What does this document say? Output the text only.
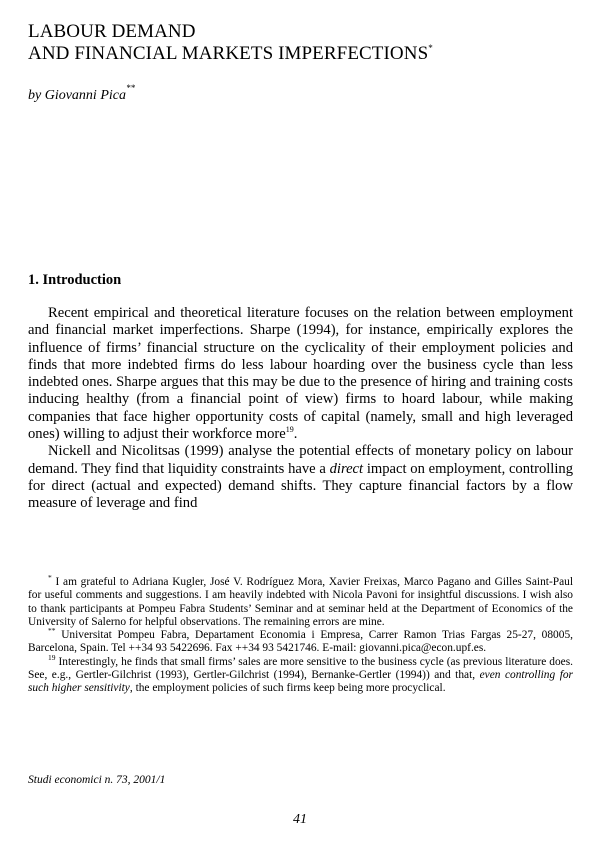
LABOUR DEMAND
AND FINANCIAL MARKETS IMPERFECTIONS*
by Giovanni Pica**
1. Introduction

Recent empirical and theoretical literature focuses on the relation between employment and financial market imperfections. Sharpe (1994), for instance, empirically explores the influence of firms’ financial structure on the cyclicality of their employment policies and finds that more indebted firms do less labour hoarding over the business cycle than less indebted ones. Sharpe argues that this may be due to the presence of hiring and training costs inducing healthy (from a financial point of view) firms to hoard labour, while making companies that face higher opportunity costs of capital (namely, small and high leveraged ones) willing to adjust their workforce more$^{19}$.

Nickell and Nicolitsas (1999) analyse the potential effects of monetary policy on labour demand. They find that liquidity constraints have a direct impact on employment, controlling for direct (actual and expected) demand shifts. They capture financial factors by a flow measure of leverage and find

* I am grateful to Adriana Kugler, José V. Rodríguez Mora, Xavier Freixas, Marco Pagano and Gilles Saint-Paul for useful comments and suggestions. I am heavily indebted with Nicola Pavoni for insightful discussions. I wish also to thank participants at Pompeu Fabra Students’ Seminar and at seminar held at the Department of Economics of the University of Salerno for helpful observations. The remaining errors are mine.

** Universitat Pompeu Fabra, Departament Economia i Empresa, Carrer Ramon Trias Fargas 25-27, 08005, Barcelona, Spain. Tel ++34 93 5422696. Fax ++34 93 5421746. E-mail: giovanni.pica@econ.upf.es.

$^{19}$ Interestingly, he finds that small firms’ sales are more sensitive to the business cycle (as previous literature does. See, e.g., Gertler-Gilchrist (1993), Gertler-Gilchrist (1994), Bernanke-Gertler (1994)) and that, even controlling for such higher sensitivity, the employment policies of such firms keep being more procyclical.

Studi economici n. 73, 2001/1
41
